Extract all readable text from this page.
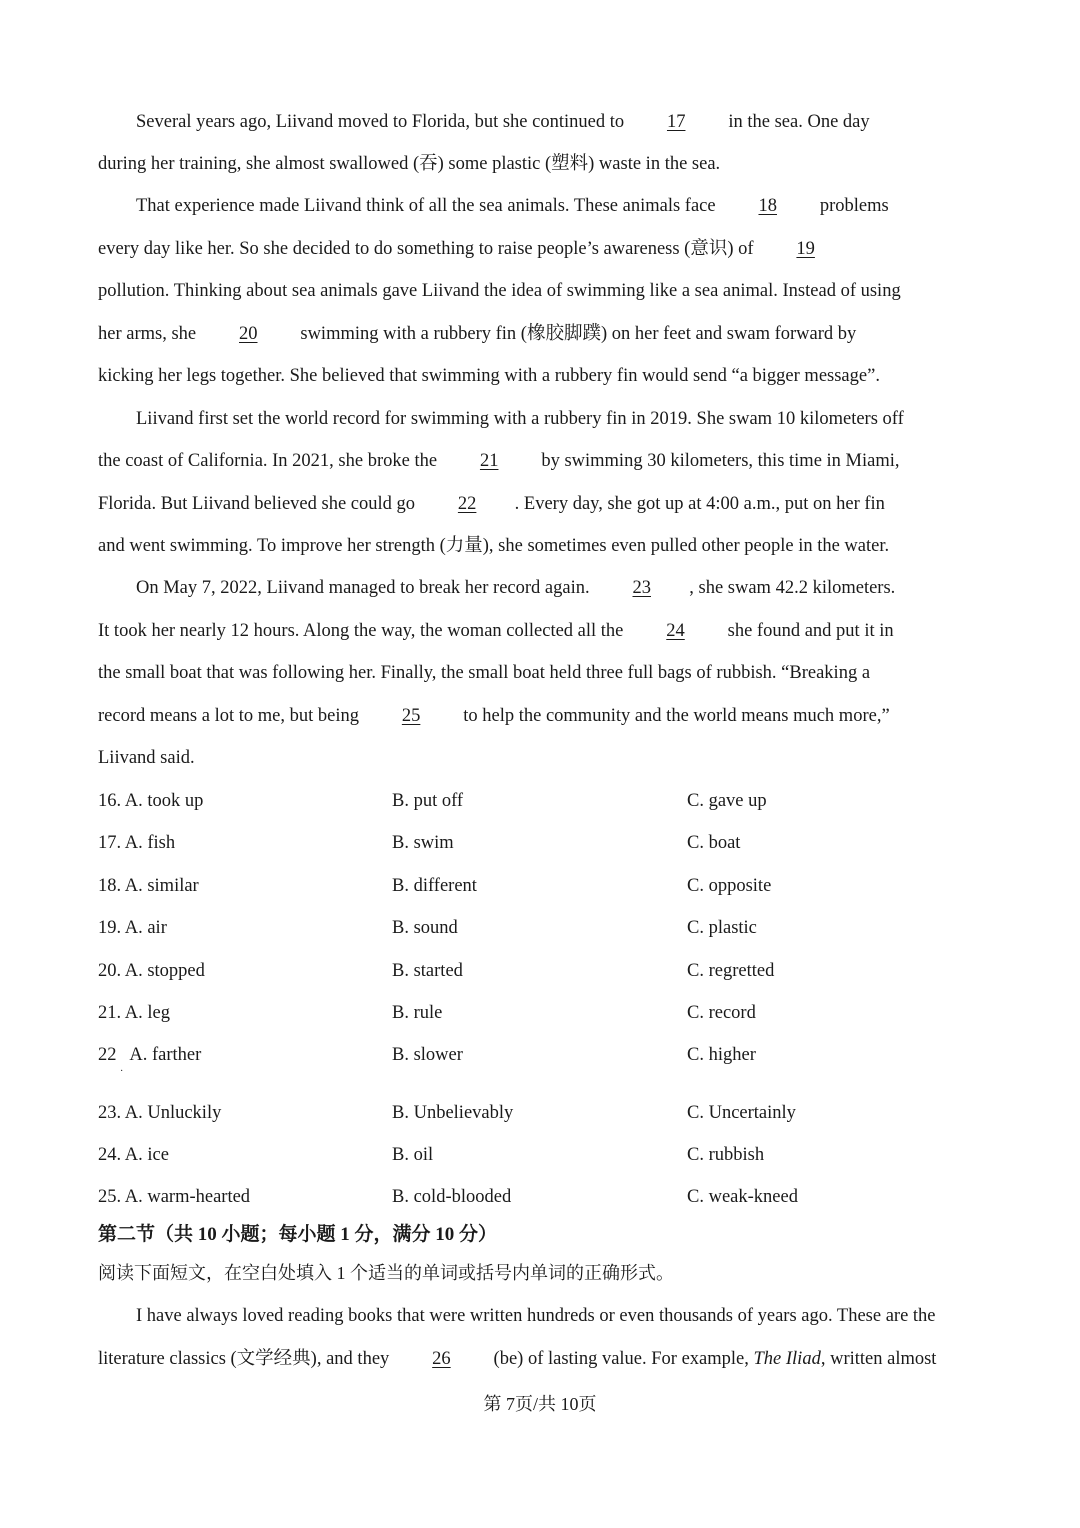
Several years ago, Liivand moved to Florida, but she continued to 17 in the sea. One day
during her training, she almost swallowed (吞) some plastic (塑料) waste in the sea.
That experience made Liivand think of all the sea animals. These animals face 18 problems
every day like her. So she decided to do something to raise people’s awareness (意识) of 19
pollution. Thinking about sea animals gave Liivand the idea of swimming like a sea animal. Instead of using
her arms, she 20 swimming with a rubbery fin (橡胶脚蹼) on her feet and swam forward by
kicking her legs together. She believed that swimming with a rubbery fin would send “a bigger message”.
Liivand first set the world record for swimming with a rubbery fin in 2019. She swam 10 kilometers off
the coast of California. In 2021, she broke the 21 by swimming 30 kilometers, this time in Miami,
Florida. But Liivand believed she could go 22 . Every day, she got up at 4:00 a.m., put on her fin
and went swimming. To improve her strength (力量), she sometimes even pulled other people in the water.
On May 7, 2022, Liivand managed to break her record again. 23 , she swam 42.2 kilometers.
It took her nearly 12 hours. Along the way, the woman collected all the 24 she found and put it in
the small boat that was following her. Finally, the small boat held three full bags of rubbish. “Breaking a
record means a lot to me, but being 25 to help the community and the world means much more,”
Liivand said.
16. A. took up	B. put off	C. gave up
17. A. fish	B. swim	C. boat
18. A. similar	B. different	C. opposite
19. A. air	B. sound	C. plastic
20. A. stopped	B. started	C. regretted
21. A. leg	B. rule	C. record
22   A. farther	B. slower	C. higher
·
23. A. Unluckily	B. Unbelievably	C. Uncertainly
24. A. ice	B. oil	C. rubbish
25. A. warm-hearted	B. cold-blooded	C. weak-kneed
第二节（共 10 小题；每小题 1 分，满分 10 分）
阅读下面短文，在空白处填入 1 个适当的单词或括号内单词的正确形式。
I have always loved reading books that were written hundreds or even thousands of years ago. These are the
literature classics (文学经典), and they 26 (be) of lasting value. For example, The Iliad, written almost
第 7页/共 10页
